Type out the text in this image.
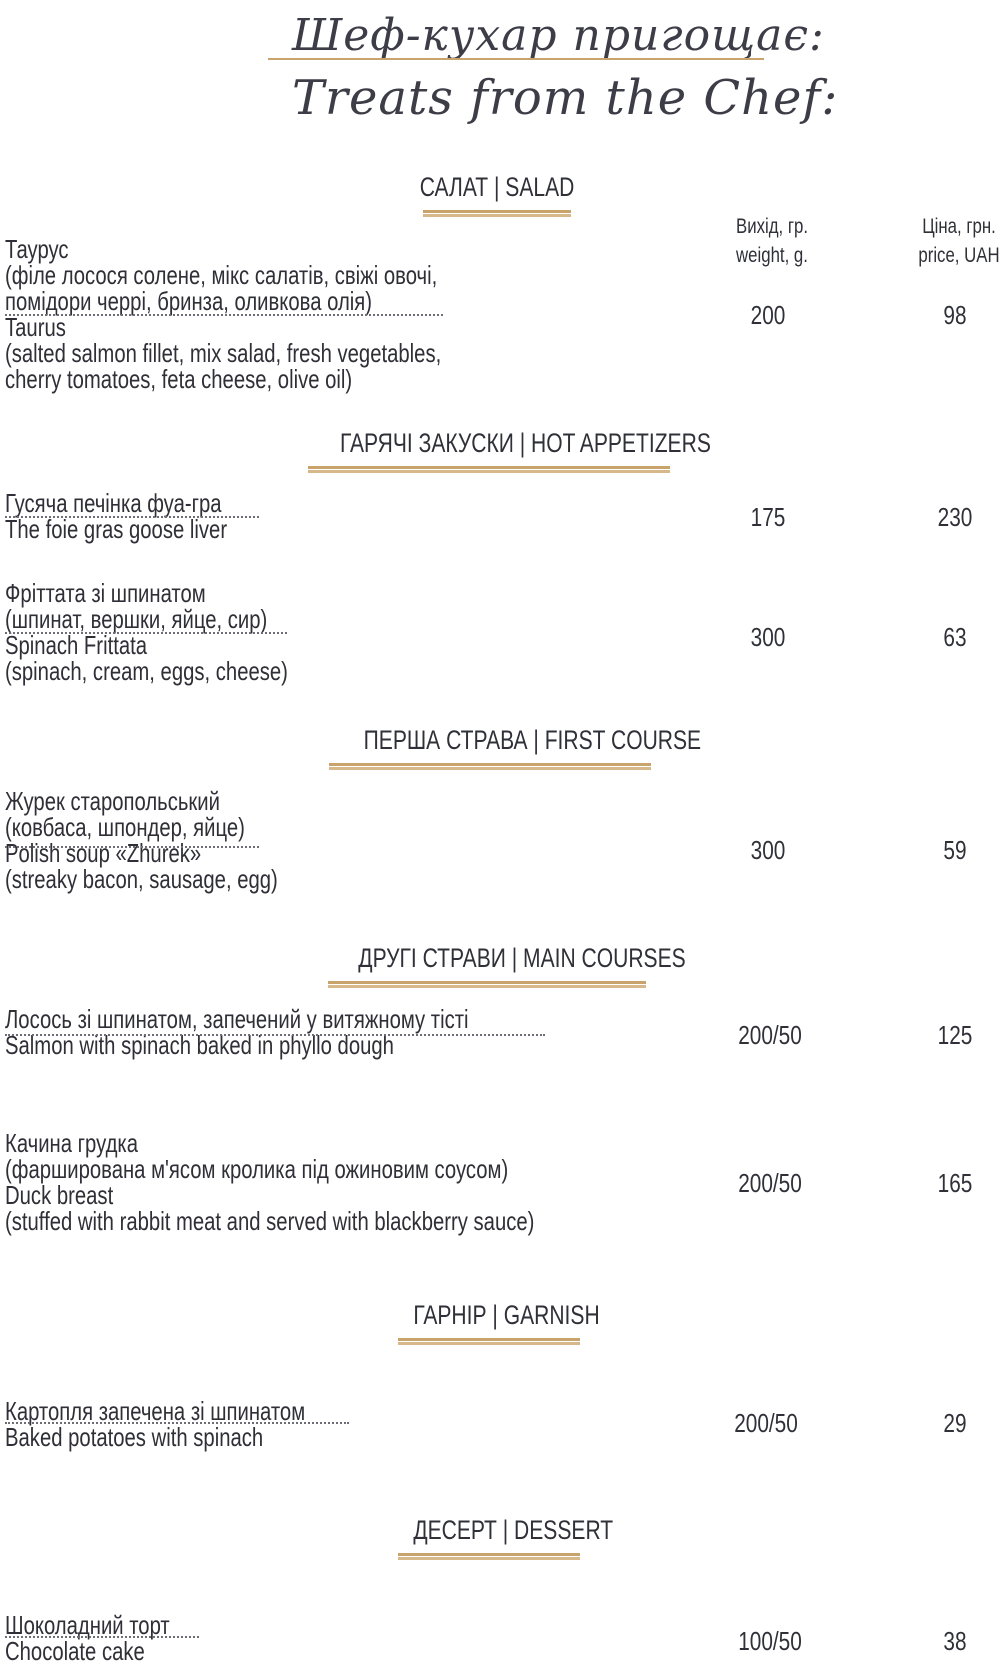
Шеф-кухар пригощає:
Treats from the Chef:
Вихід, гр.
weight, g.
Ціна, грн.
price, UAH
САЛАТ | SALAD
Таурус
(філе лосося солене, мікс салатів, свіжі овочі,
помідори черрі, бринза, оливкова олія)
Taurus
(salted salmon fillet, mix salad, fresh vegetables,
cherry tomatoes, feta cheese, olive oil)
200	98
ГАРЯЧІ ЗАКУСКИ | HOT APPETIZERS
Гусяча печінка фуа-гра
The foie gras goose liver	175	230
Фріттата зі шпинатом
(шпинат, вершки, яйце, сир)
Spinach Frittata
(spinach, cream, eggs, cheese)
300	63
ПЕРША СТРАВА | FIRST COURSE
Журек старопольський
(ковбаса, шпондер, яйце)
Polish soup «Zhurek»
(streaky bacon, sausage, egg)
300	59
ДРУГІ СТРАВИ | MAIN COURSES
Лосось зі шпинатом, запечений у витяжному тісті
Salmon with spinach baked in phyllo dough	200/50	125
Качина грудка
(фарширована м'ясом кролика під ожиновим соусом)
Duck breast
(stuffed with rabbit meat and served with blackberry sauce)
200/50	165
ГАРНІР | GARNISH
Картопля запечена зі шпинатом
Baked potatoes with spinach	200/50	29
ДЕСЕРТ | DESSERT
Шоколадний торт
Chocolate cake	100/50	38
